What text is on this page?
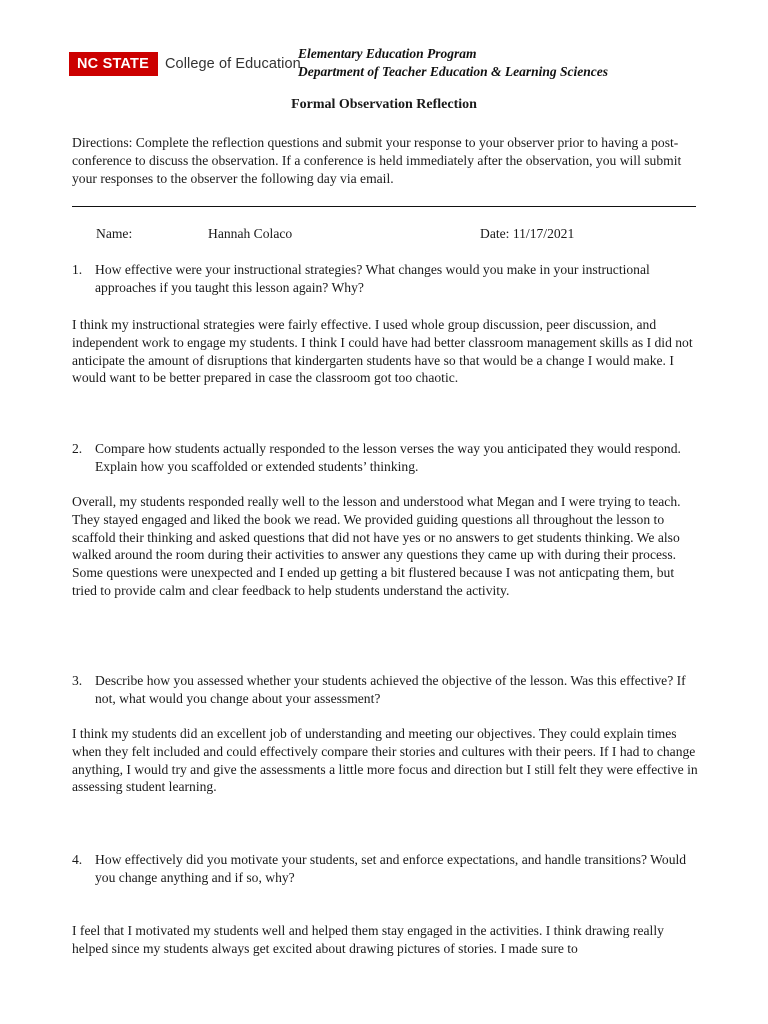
NC STATE	College of Education
Elementary Education Program
Department of Teacher Education & Learning Sciences
Formal Observation Reflection
Directions: Complete the reflection questions and submit your response to your observer prior to having a post-conference to discuss the observation. If a conference is held immediately after the observation, you will submit your responses to the observer the following day via email.
Name:	Hannah Colaco	Date: 11/17/2021
1. How effective were your instructional strategies? What changes would you make in your instructional approaches if you taught this lesson again? Why?
I think my instructional strategies were fairly effective. I used whole group discussion, peer discussion, and independent work to engage my students. I think I could have had better classroom management skills as I did not anticipate the amount of disruptions that kindergarten students have so that would be a change I would make. I would want to be better prepared in case the classroom got too chaotic.
2. Compare how students actually responded to the lesson verses the way you anticipated they would respond. Explain how you scaffolded or extended students’ thinking.
Overall, my students responded really well to the lesson and understood what Megan and I were trying to teach. They stayed engaged and liked the book we read. We provided guiding questions all throughout the lesson to scaffold their thinking and asked questions that did not have yes or no answers to get students thinking. We also walked around the room during their activities to answer any questions they came up with during their process. Some questions were unexpected and I ended up getting a bit flustered because I was not anticpating them, but tried to provide calm and clear feedback to help students understand the activity.
3. Describe how you assessed whether your students achieved the objective of the lesson. Was this effective? If not, what would you change about your assessment?
I think my students did an excellent job of understanding and meeting our objectives. They could explain times when they felt included and could effectively compare their stories and cultures with their peers. If I had to change anything, I would try and give the assessments a little more focus and direction but I still felt they were effective in assessing student learning.
4. How effectively did you motivate your students, set and enforce expectations, and handle transitions? Would you change anything and if so, why?
I feel that I motivated my students well and helped them stay engaged in the activities. I think drawing really helped since my students always get excited about drawing pictures of stories. I made sure to
